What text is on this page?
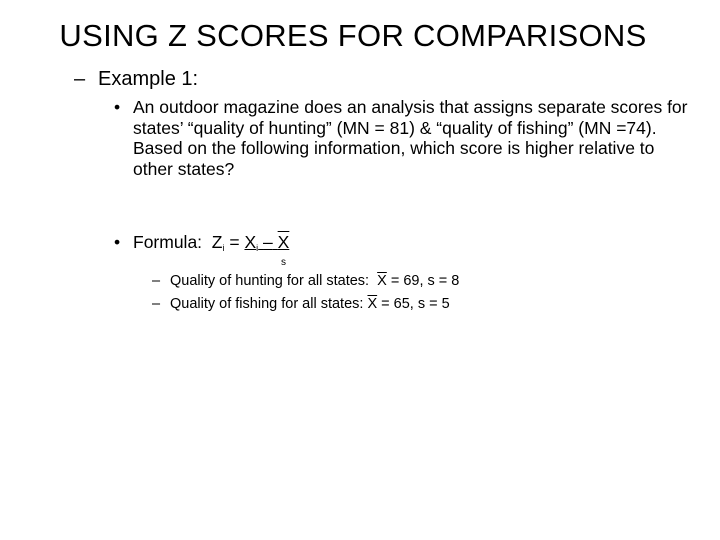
USING Z SCORES FOR COMPARISONS
– Example 1:
• An outdoor magazine does an analysis that assigns separate scores for states’ “quality of hunting” (MN = 81) & “quality of fishing” (MN =74). Based on the following information, which score is higher relative to other states?
• Formula: $Z_i = X_i - X$
s
– Quality of hunting for all states: $\overline{X} = 69$, s = 8
– Quality of fishing for all states: $\overline{X} = 65$, s = 5
